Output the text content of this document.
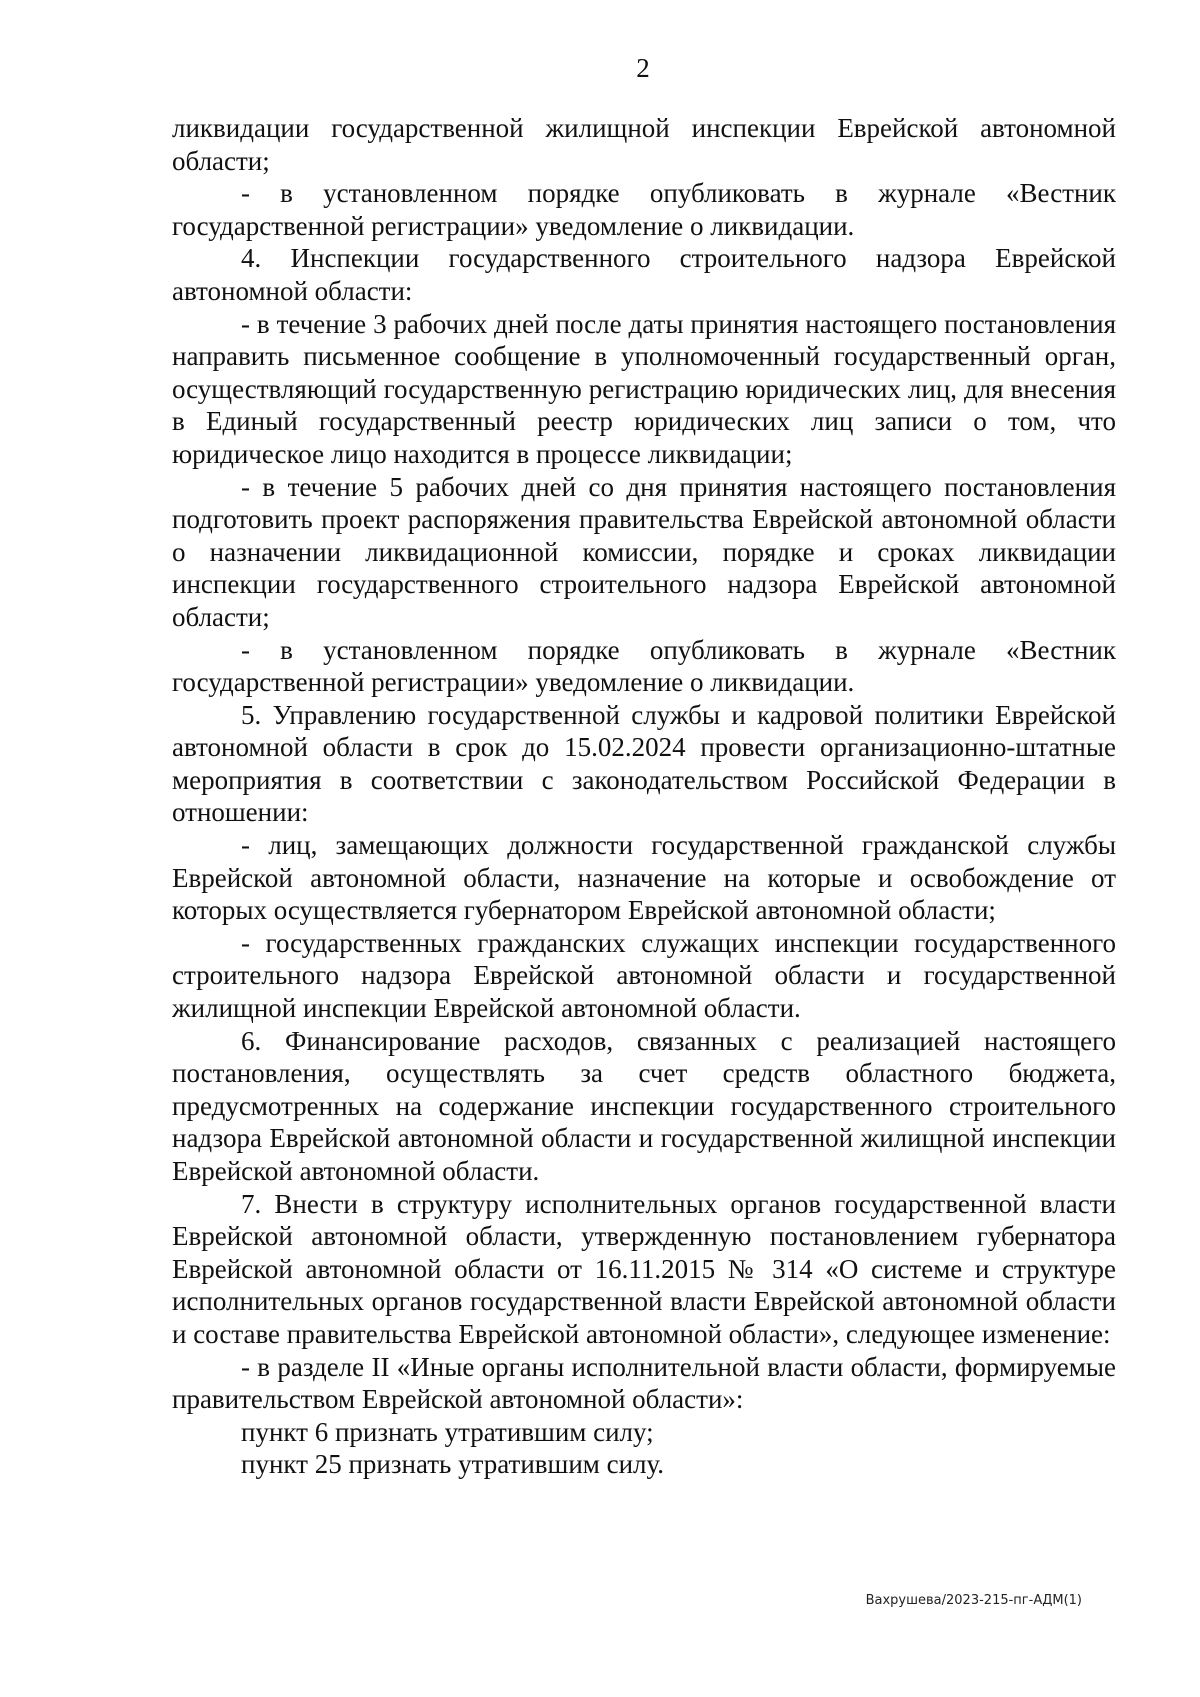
2

ликвидации государственной жилищной инспекции Еврейской автономной области;

- в установленном порядке опубликовать в журнале «Вестник государственной регистрации» уведомление о ликвидации.

4. Инспекции государственного строительного надзора Еврейской автономной области:

- в течение 3 рабочих дней после даты принятия настоящего постановления направить письменное сообщение в уполномоченный государственный орган, осуществляющий государственную регистрацию юридических лиц, для внесения в Единый государственный реестр юридических лиц записи о том, что юридическое лицо находится в процессе ликвидации;

- в течение 5 рабочих дней со дня принятия настоящего постановления подготовить проект распоряжения правительства Еврейской автономной области о назначении ликвидационной комиссии, порядке и сроках ликвидации инспекции государственного строительного надзора Еврейской автономной области;

- в установленном порядке опубликовать в журнале «Вестник государственной регистрации» уведомление о ликвидации.

5. Управлению государственной службы и кадровой политики Еврейской автономной области в срок до 15.02.2024 провести организационно-штатные мероприятия в соответствии с законодательством Российской Федерации в отношении:

- лиц, замещающих должности государственной гражданской службы Еврейской автономной области, назначение на которые и освобождение от которых осуществляется губернатором Еврейской автономной области;

- государственных гражданских служащих инспекции государственного строительного надзора Еврейской автономной области и государственной жилищной инспекции Еврейской автономной области.

6. Финансирование расходов, связанных с реализацией настоящего постановления, осуществлять за счет средств областного бюджета, предусмотренных на содержание инспекции государственного строительного надзора Еврейской автономной области и государственной жилищной инспекции Еврейской автономной области.

7. Внести в структуру исполнительных органов государственной власти Еврейской автономной области, утвержденную постановлением губернатора Еврейской автономной области от 16.11.2015 № 314 «О системе и структуре исполнительных органов государственной власти Еврейской автономной области и составе правительства Еврейской автономной области», следующее изменение:

- в разделе II «Иные органы исполнительной власти области, формируемые правительством Еврейской автономной области»:

пункт 6 признать утратившим силу;

пункт 25 признать утратившим силу.

Вахрушева/2023-215-пг-АДМ(1)
